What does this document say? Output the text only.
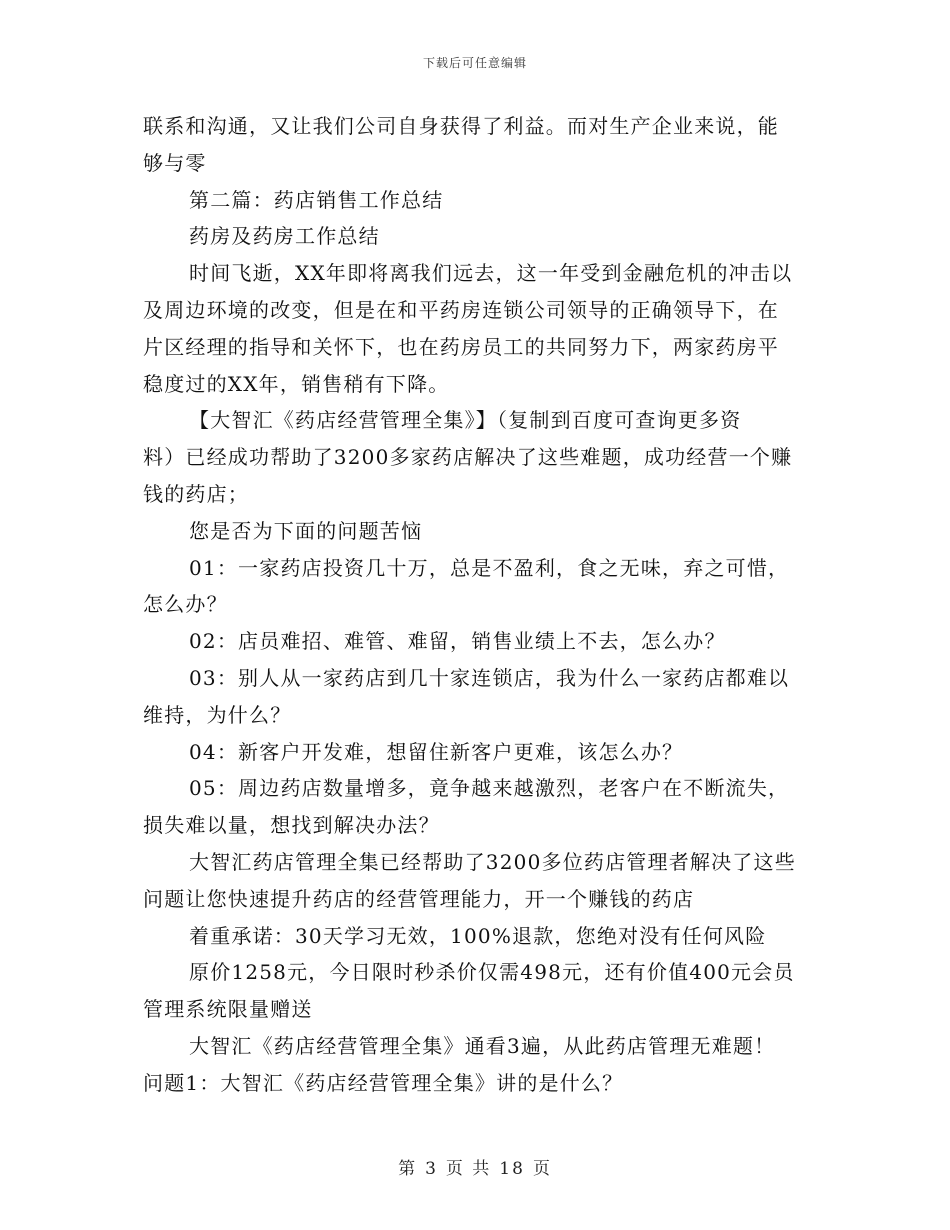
下载后可任意编辑
联系和沟通，又让我们公司自身获得了利益。而对生产企业来说，能
够与零
第二篇：药店销售工作总结
药房及药房工作总结
时间飞逝，XX年即将离我们远去，这一年受到金融危机的冲击以
及周边环境的改变，但是在和平药房连锁公司领导的正确领导下，在
片区经理的指导和关怀下，也在药房员工的共同努力下，两家药房平
稳度过的XX年，销售稍有下降。
【大智汇《药店经营管理全集》】（复制到百度可查询更多资
料）已经成功帮助了3200多家药店解决了这些难题，成功经营一个赚
钱的药店；
您是否为下面的问题苦恼
01：一家药店投资几十万，总是不盈利，食之无味，弃之可惜，
怎么办？
02：店员难招、难管、难留，销售业绩上不去，怎么办？
03：别人从一家药店到几十家连锁店，我为什么一家药店都难以
维持，为什么？
04：新客户开发难，想留住新客户更难，该怎么办？
05：周边药店数量增多，竟争越来越激烈，老客户在不断流失，
损失难以量，想找到解决办法？
大智汇药店管理全集已经帮助了3200多位药店管理者解决了这些
问题让您快速提升药店的经营管理能力，开一个赚钱的药店
着重承诺：30天学习无效，100%退款，您绝对没有任何风险
原价1258元，今日限时秒杀价仅需498元，还有价值400元会员
管理系统限量赠送
大智汇《药店经营管理全集》通看3遍，从此药店管理无难题！
问题1：大智汇《药店经营管理全集》讲的是什么？
第 3 页 共 18 页
